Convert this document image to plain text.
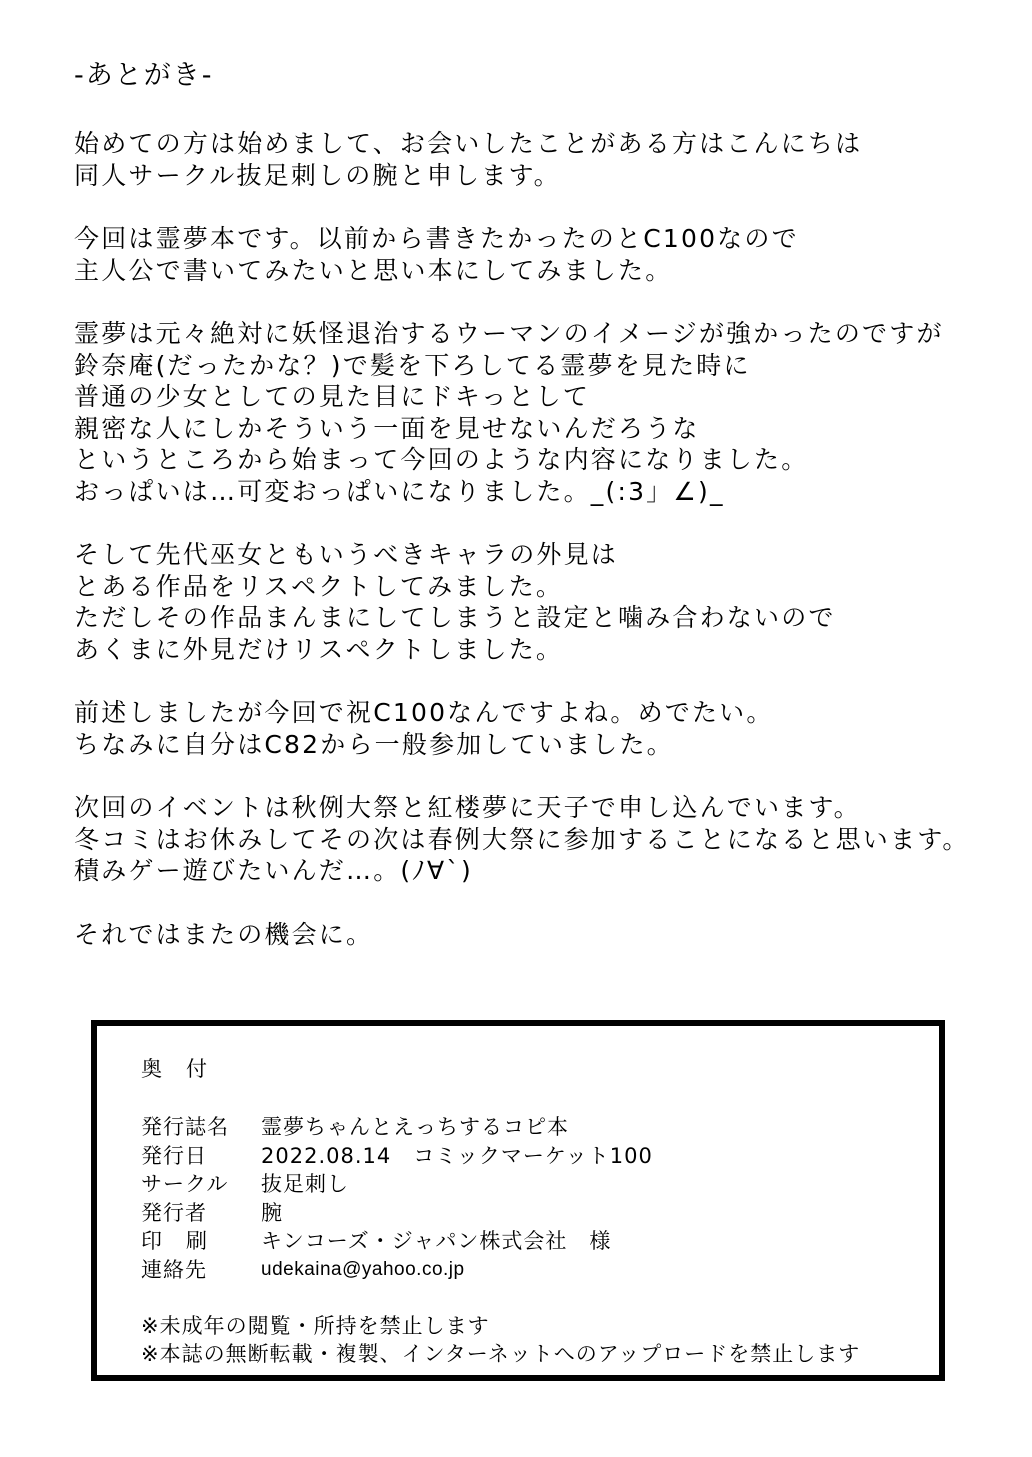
-あとがき-
始めての方は始めまして、お会いしたことがある方はこんにちは
同人サークル抜足刺しの腕と申します。
今回は霊夢本です。以前から書きたかったのとC100なので
主人公で書いてみたいと思い本にしてみました。
霊夢は元々絶対に妖怪退治するウーマンのイメージが強かったのですが
鈴奈庵(だったかな？)で髪を下ろしてる霊夢を見た時に
普通の少女としての見た目にドキっとして
親密な人にしかそういう一面を見せないんだろうな
というところから始まって今回のような内容になりました。
おっぱいは…可変おっぱいになりました。_(:3」∠)_
そして先代巫女ともいうべきキャラの外見は
とある作品をリスペクトしてみました。
ただしその作品まんまにしてしまうと設定と噛み合わないので
あくまに外見だけリスペクトしました。
前述しましたが今回で祝C100なんですよね。めでたい。
ちなみに自分はC82から一般参加していました。
次回のイベントは秋例大祭と紅楼夢に天子で申し込んでいます。
冬コミはお休みしてその次は春例大祭に参加することになると思います。
積みゲー遊びたいんだ…。(ﾉ∀`)
それではまたの機会に。
奥付
発行誌名	霊夢ちゃんとえっちするコピ本
発行日	2022.08.14　コミックマーケット100
サークル	抜足刺し
発行者	腕
印刷	キンコーズ・ジャパン株式会社　様
連絡先	udekaina@yahoo.co.jp
※未成年の閲覧・所持を禁止します
※本誌の無断転載・複製、インターネットへのアップロードを禁止します
